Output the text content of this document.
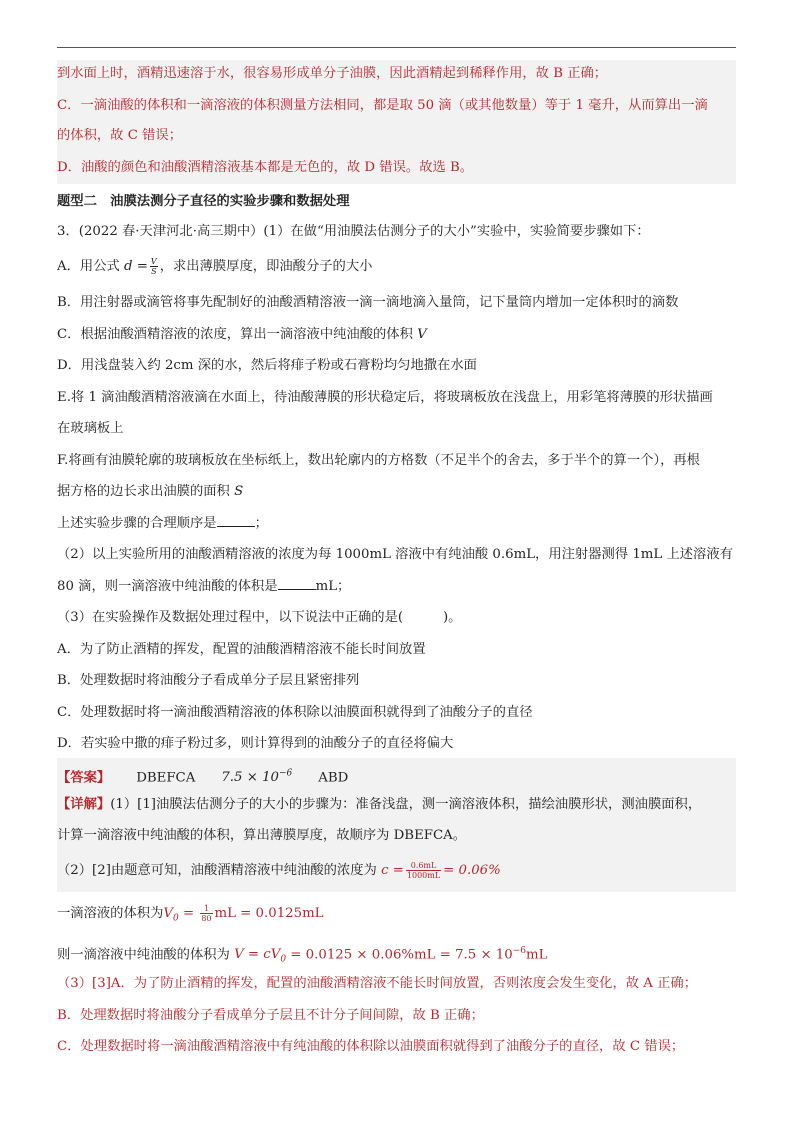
到水面上时，酒精迅速溶于水，很容易形成单分子油膜，因此酒精起到稀释作用，故 B 正确；
C．一滴油酸的体积和一滴溶液的体积测量方法相同，都是取 50 滴（或其他数量）等于 1 毫升，从而算出一滴
的体积，故 C 错误；
D．油酸的颜色和油酸酒精溶液基本都是无色的，故 D 错误。故选 B。
题型二　油膜法测分子直径的实验步骤和数据处理
3．(2022 春·天津河北·高三期中）(1）在做“用油膜法估测分子的大小”实验中，实验简要步骤如下：
A．用公式 $d = \frac{V}{S}$ ，求出薄膜厚度，即油酸分子的大小
B．用注射器或滴管将事先配制好的油酸酒精溶液一滴一滴地滴入量筒，记下量筒内增加一定体积时的滴数
C．根据油酸酒精溶液的浓度，算出一滴溶液中纯油酸的体积 V
D．用浅盘装入约 2cm 深的水，然后将痱子粉或石膏粉均匀地撒在水面
E.将 1 滴油酸酒精溶液滴在水面上，待油酸薄膜的形状稳定后，将玻璃板放在浅盘上，用彩笔将薄膜的形状描画
在玻璃板上
F.将画有油膜轮廓的玻璃板放在坐标纸上，数出轮廓内的方格数（不足半个的舍去，多于半个的算一个），再根
据方格的边长求出油膜的面积 S
上述实验步骤的合理顺序是	；
（2）以上实验所用的油酸酒精溶液的浓度为每 1000mL 溶液中有纯油酸 0.6mL，用注射器测得 1mL 上述溶液有
80 滴，则一滴溶液中纯油酸的体积是	mL；
（3）在实验操作及数据处理过程中，以下说法中正确的是(　　　)。
A．为了防止酒精的挥发，配置的油酸酒精溶液不能长时间放置
B．处理数据时将油酸分子看成单分子层且紧密排列
C．处理数据时将一滴油酸酒精溶液的体积除以油膜面积就得到了油酸分子的直径
D．若实验中撒的痱子粉过多，则计算得到的油酸分子的直径将偏大
【答案】 DBEFCA $7.5 \times 10^{-6}$ ABD
【详解】(1）[1]油膜法估测分子的大小的步骤为：准备浅盘，测一滴溶液体积，描绘油膜形状，测油膜面积，
计算一滴溶液中纯油酸的体积，算出薄膜厚度，故顺序为 DBEFCA。
（2）[2]由题意可知，油酸酒精溶液中纯油酸的浓度为 $c = \frac{0.6mL}{1000mL} = 0.06\%$
一滴溶液的体积为$V_0 = \frac{1}{80}$ mL = 0.0125mL
则一滴溶液中纯油酸的体积为 $V = cV_0 = 0.0125 \times 0.06\%mL = 7.5 \times 10^{-6}mL$
（3）[3]A．为了防止酒精的挥发，配置的油酸酒精溶液不能长时间放置，否则浓度会发生变化，故 A 正确；
B．处理数据时将油酸分子看成单分子层且不计分子间间隙，故 B 正确；
C．处理数据时将一滴油酸酒精溶液中有纯油酸的体积除以油膜面积就得到了油酸分子的直径，故 C 错误；
